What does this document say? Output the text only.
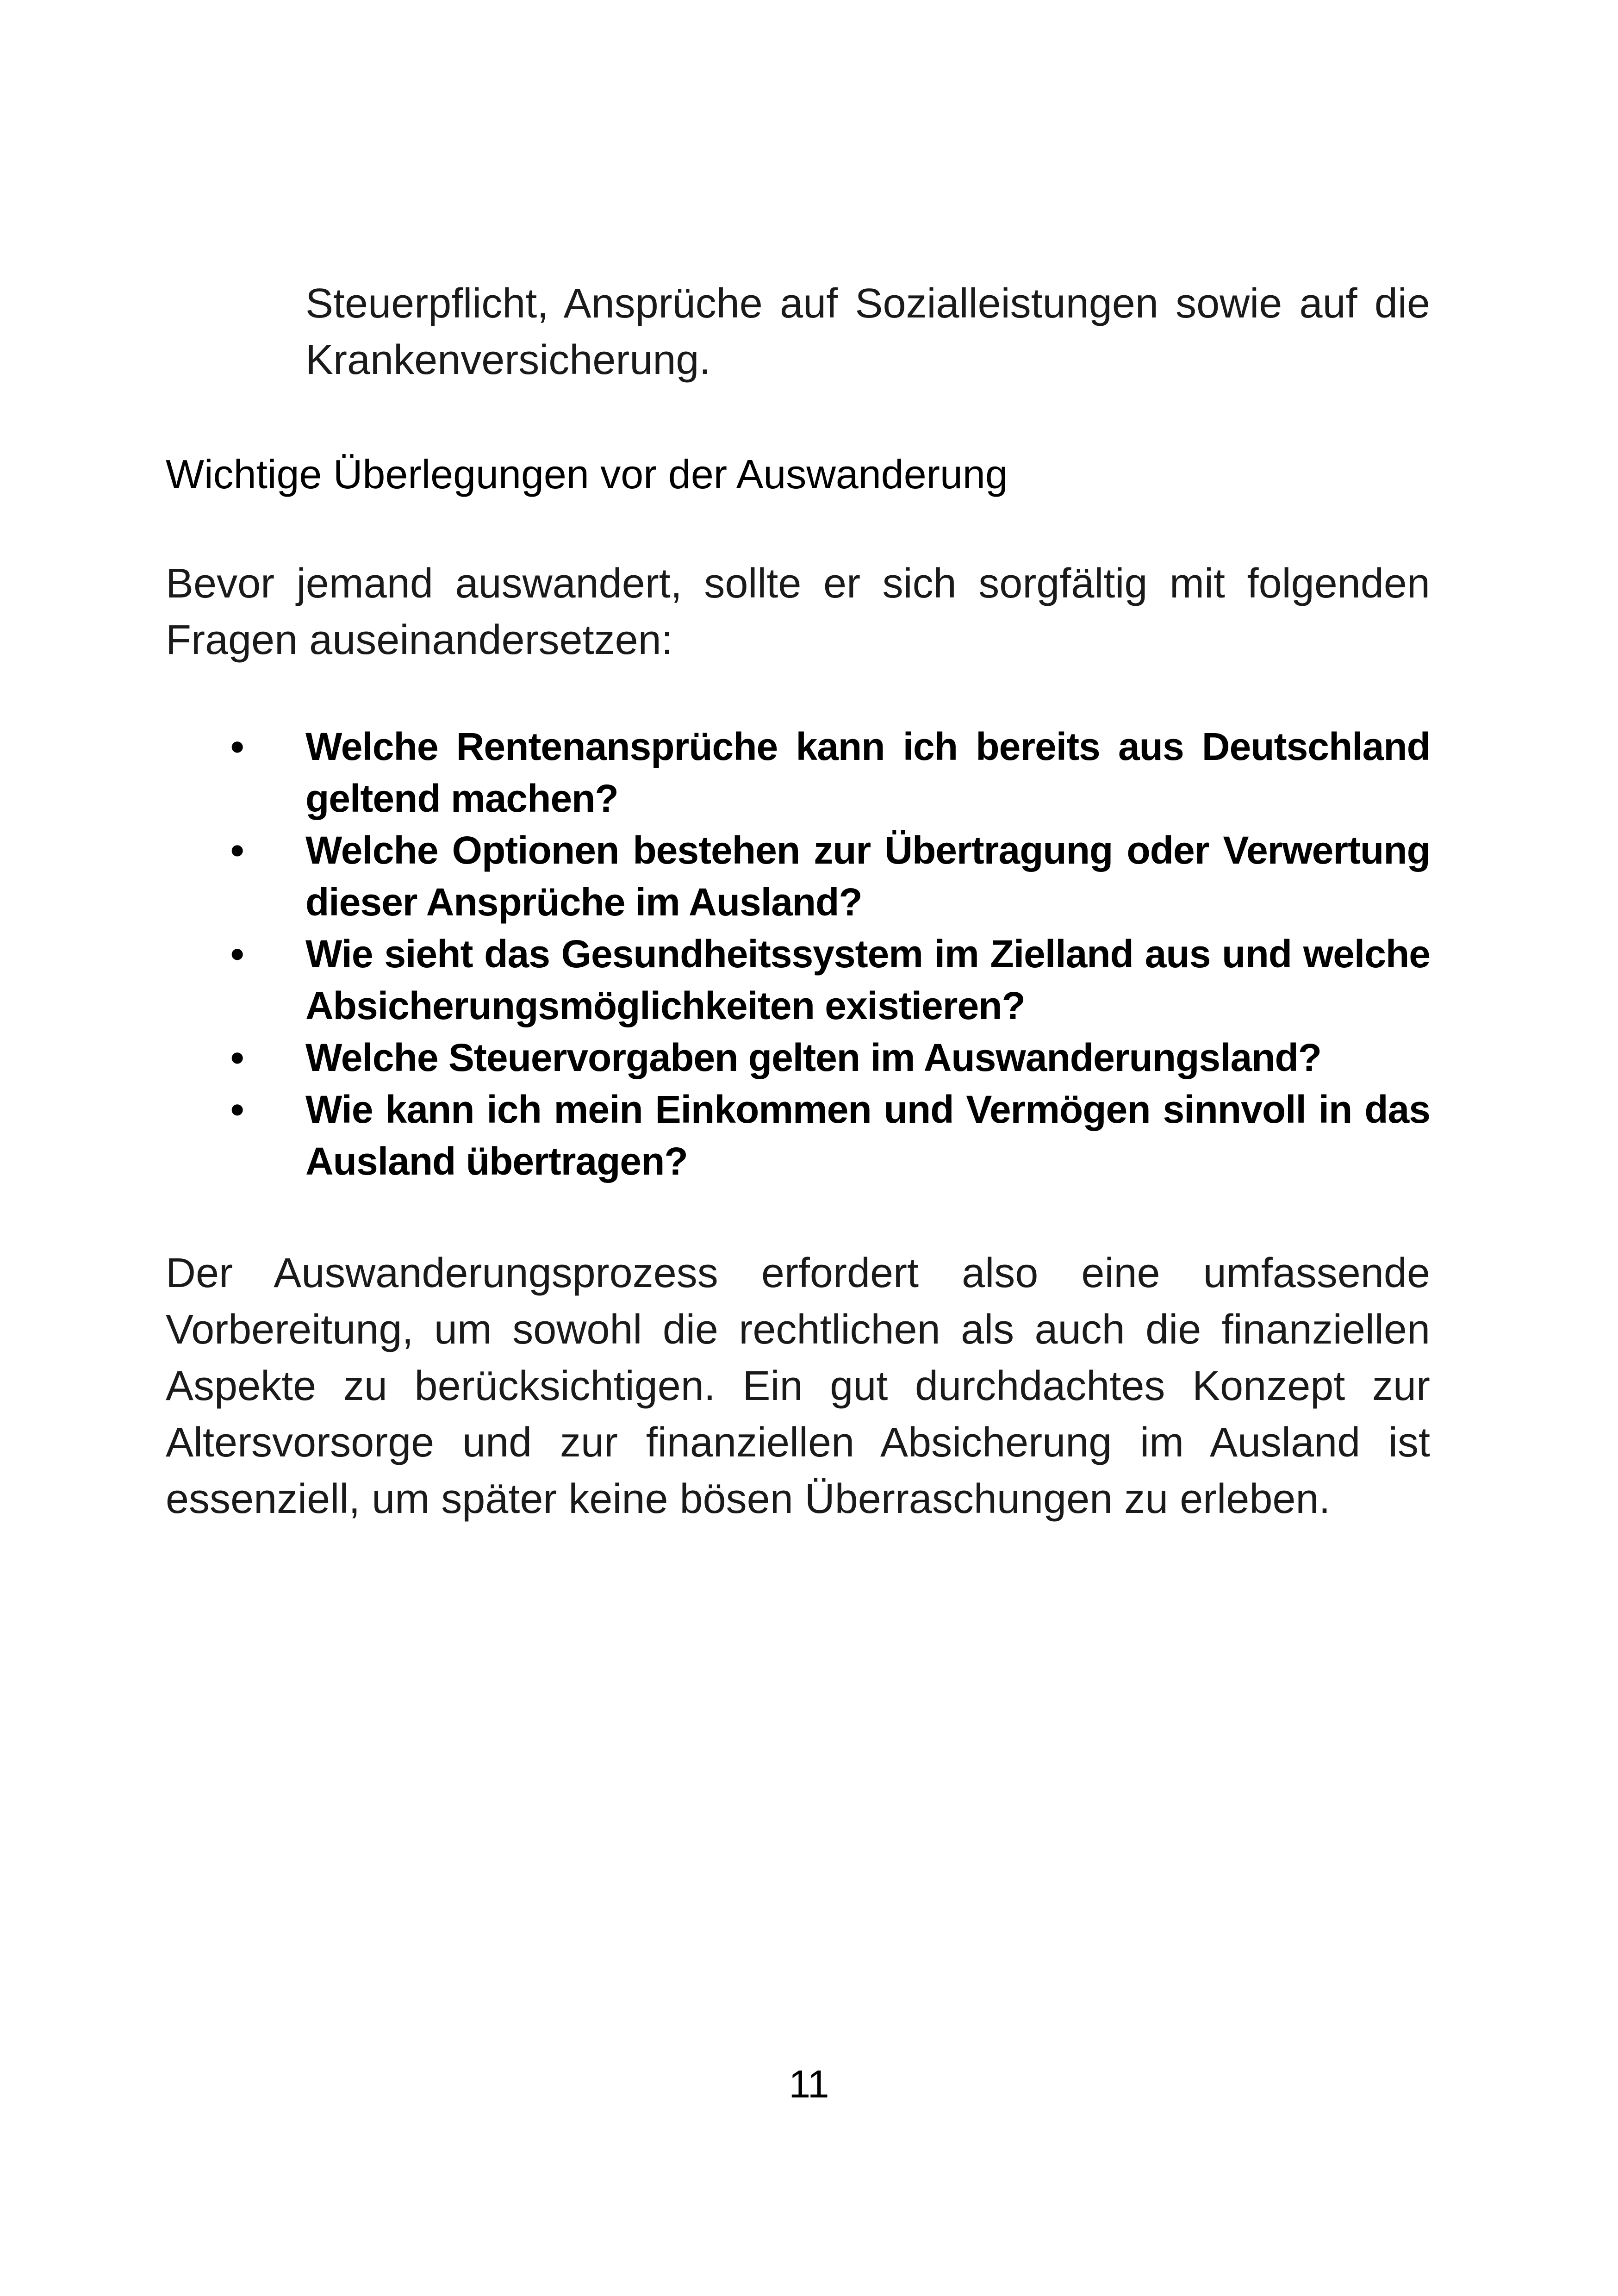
Steuerpflicht, Ansprüche auf Sozialleistungen sowie auf die Krankenversicherung.

Wichtige Überlegungen vor der Auswanderung

Bevor jemand auswandert, sollte er sich sorgfältig mit folgenden Fragen auseinandersetzen:

• Welche Rentenansprüche kann ich bereits aus Deutschland geltend machen?
• Welche Optionen bestehen zur Übertragung oder Verwertung dieser Ansprüche im Ausland?
• Wie sieht das Gesundheitssystem im Zielland aus und welche Absicherungsmöglichkeiten existieren?
• Welche Steuervorgaben gelten im Auswanderungsland?
• Wie kann ich mein Einkommen und Vermögen sinnvoll in das Ausland übertragen?

Der Auswanderungsprozess erfordert also eine umfassende Vorbereitung, um sowohl die rechtlichen als auch die finanziellen Aspekte zu berücksichtigen. Ein gut durchdachtes Konzept zur Altersvorsorge und zur finanziellen Absicherung im Ausland ist essenziell, um später keine bösen Überraschungen zu erleben.

11
